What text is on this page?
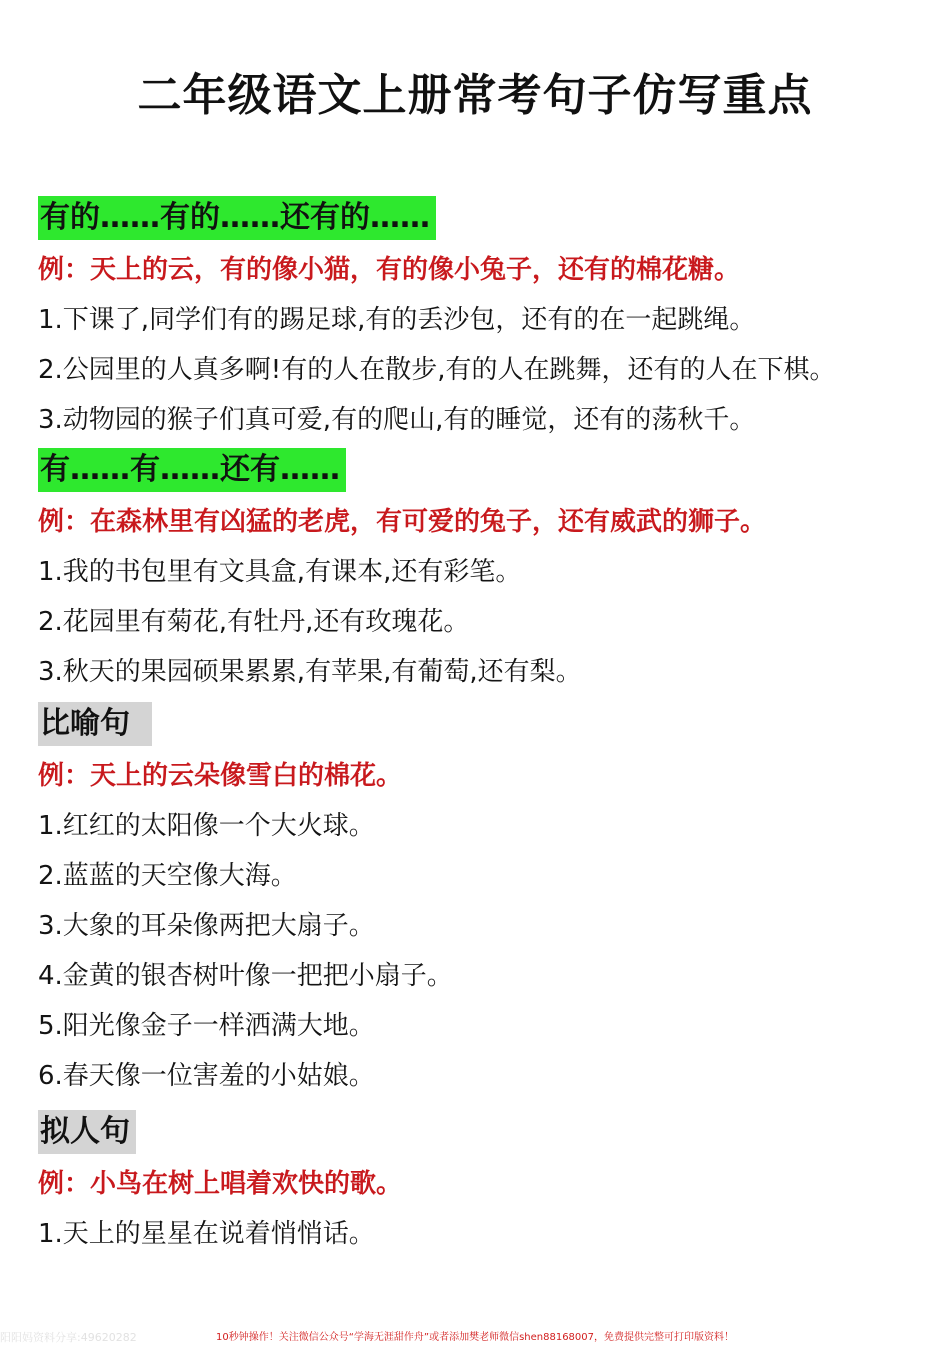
二年级语文上册常考句子仿写重点
有的……有的……还有的……
例：天上的云，有的像小猫，有的像小兔子，还有的棉花糖。
1.下课了,同学们有的踢足球,有的丢沙包，还有的在一起跳绳。
2.公园里的人真多啊!有的人在散步,有的人在跳舞，还有的人在下棋。
3.动物园的猴子们真可爱,有的爬山,有的睡觉，还有的荡秋千。
有……有……还有……
例：在森林里有凶猛的老虎，有可爱的兔子，还有威武的狮子。
1.我的书包里有文具盒,有课本,还有彩笔。
2.花园里有菊花,有牡丹,还有玫瑰花。
3.秋天的果园硕果累累,有苹果,有葡萄,还有梨。
比喻句
例：天上的云朵像雪白的棉花。
1.红红的太阳像一个大火球。
2.蓝蓝的天空像大海。
3.大象的耳朵像两把大扇子。
4.金黄的银杏树叶像一把把小扇子。
5.阳光像金子一样洒满大地。
6.春天像一位害羞的小姑娘。
拟人句
例：小鸟在树上唱着欢快的歌。
1.天上的星星在说着悄悄话。
阳阳妈资料分享:49620282	10秒钟操作！关注微信公众号“学海无涯甜作舟”或者添加樊老师微信shen88168007，免费提供完整可打印版资料！
